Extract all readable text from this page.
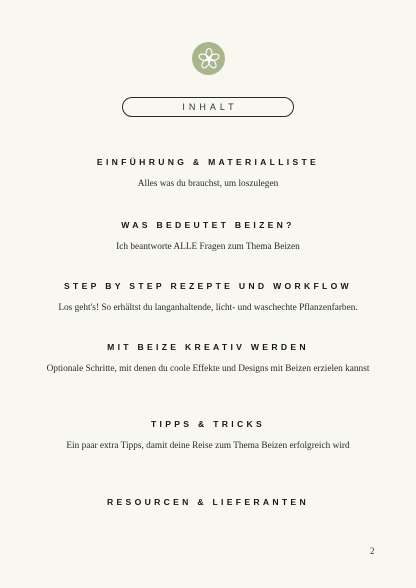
INHALT

EINFÜHRUNG & MATERIALLISTE

Alles was du brauchst, um loszulegen

WAS BEDEUTET BEIZEN?

Ich beantworte ALLE Fragen zum Thema Beizen

STEP BY STEP REZEPTE UND WORKFLOW

Los geht's! So erhältst du langanhaltende, licht- und waschechte Pflanzenfarben.

MIT BEIZE KREATIV WERDEN

Optionale Schritte, mit denen du coole Effekte und Designs mit Beizen erzielen kannst

TIPPS & TRICKS

Ein paar extra Tipps, damit deine Reise zum Thema Beizen erfolgreich wird

RESOURCEN & LIEFERANTEN

2
